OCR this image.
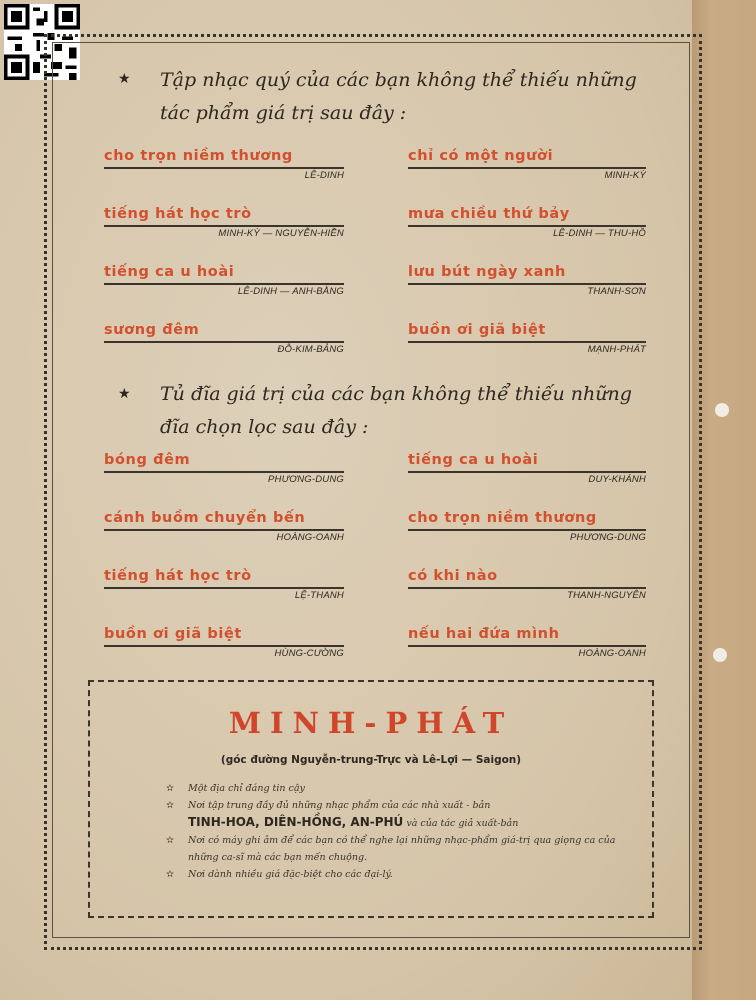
★ Tập nhạc quý của các bạn không thể thiếu những
tác phẩm giá trị sau đây :
cho trọn niềm thương
LÊ-DINH
chỉ có một người
MINH-KỲ
tiếng hát học trò
MINH-KỲ — NGUYỄN-HIỀN
mưa chiều thứ bảy
LÊ-DINH — THU-HỒ
tiếng ca u hoài
LÊ-DINH — ANH-BẰNG
lưu bút ngày xanh
THANH-SƠN
sương đêm
ĐỖ-KIM-BẢNG
buồn ơi giã biệt
MẠNH-PHÁT
★ Tủ đĩa giá trị của các bạn không thể thiếu những
đĩa chọn lọc sau đây :
bóng đêm
PHƯƠNG-DUNG
tiếng ca u hoài
DUY-KHÁNH
cánh buồm chuyển bến
HOÀNG-OANH
cho trọn niềm thương
PHƯƠNG-DUNG
tiếng hát học trò
LỆ-THANH
có khi nào
THANH-NGUYÊN
buồn ơi giã biệt
HÙNG-CƯỜNG
nếu hai đứa mình
HOÀNG-OANH
MINH-PHÁT
(góc đường Nguyễn-trung-Trực và Lê-Lợi — Saigon)
✫ Một địa chỉ đáng tin cậy
✫ Nơi tập trung đầy đủ những nhạc phẩm của các nhà xuất - bản
TINH-HOA, DIÊN-HỒNG, AN-PHÚ và của tác giả xuất-bản
✫ Nơi có máy ghi âm để các bạn có thể nghe lại những nhạc-phẩm giá-trị qua giọng ca của những ca-sĩ mà các bạn mến chuộng.
✫ Nơi dành nhiều giá đặc-biệt cho các đại-lý.
